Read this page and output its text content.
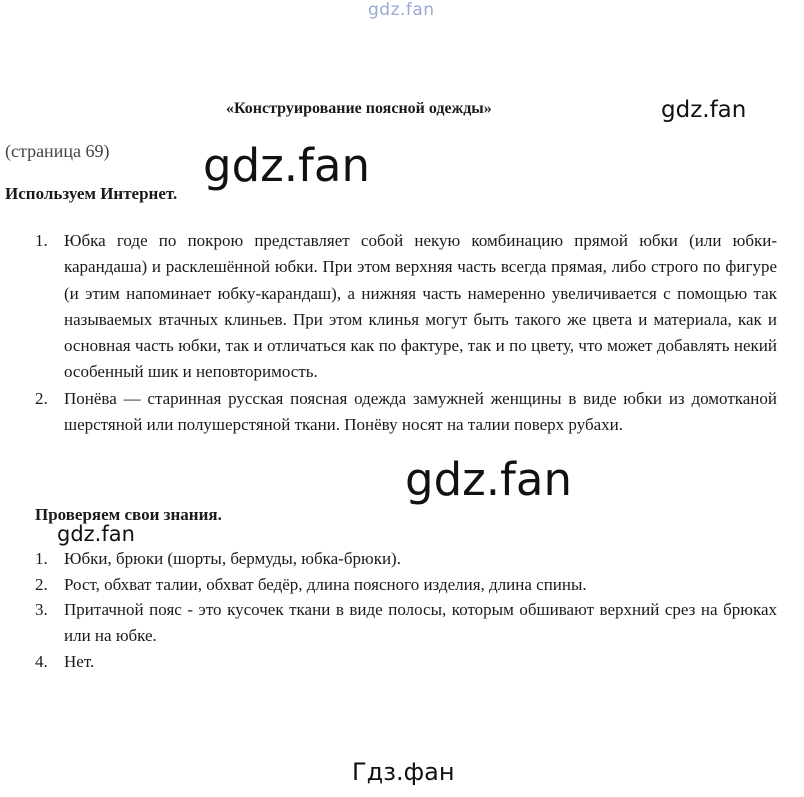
gdz.fan
«Конструирование поясной одежды»	gdz.fan
(страница 69) gdz.fan
Используем Интернет.
1. Юбка годе по покрою представляет собой некую комбинацию прямой юбки (или юбки-карандаша) и расклешённой юбки. При этом верхняя часть всегда прямая, либо строго по фигуре (и этим напоминает юбку-карандаш), а нижняя часть намеренно увеличивается с помощью так называемых втачных клиньев. При этом клинья могут быть такого же цвета и материала, как и основная часть юбки, так и отличаться как по фактуре, так и по цвету, что может добавлять некий особенный шик и неповторимость.
2. Понёва — старинная русская поясная одежда замужней женщины в виде юбки из домотканой шерстяной или полушерстяной ткани. Понёву носят на талии поверх рубахи.
gdz.fan
Проверяем свои знания.
gdz.fan
1. Юбки, брюки (шорты, бермуды, юбка-брюки).
2. Рост, обхват талии, обхват бедёр, длина поясного изделия, длина спины.
3. Притачной пояс - это кусочек ткани в виде полосы, которым обшивают верхний срез на брюках или на юбке.
4. Нет.
Гдз.фан
